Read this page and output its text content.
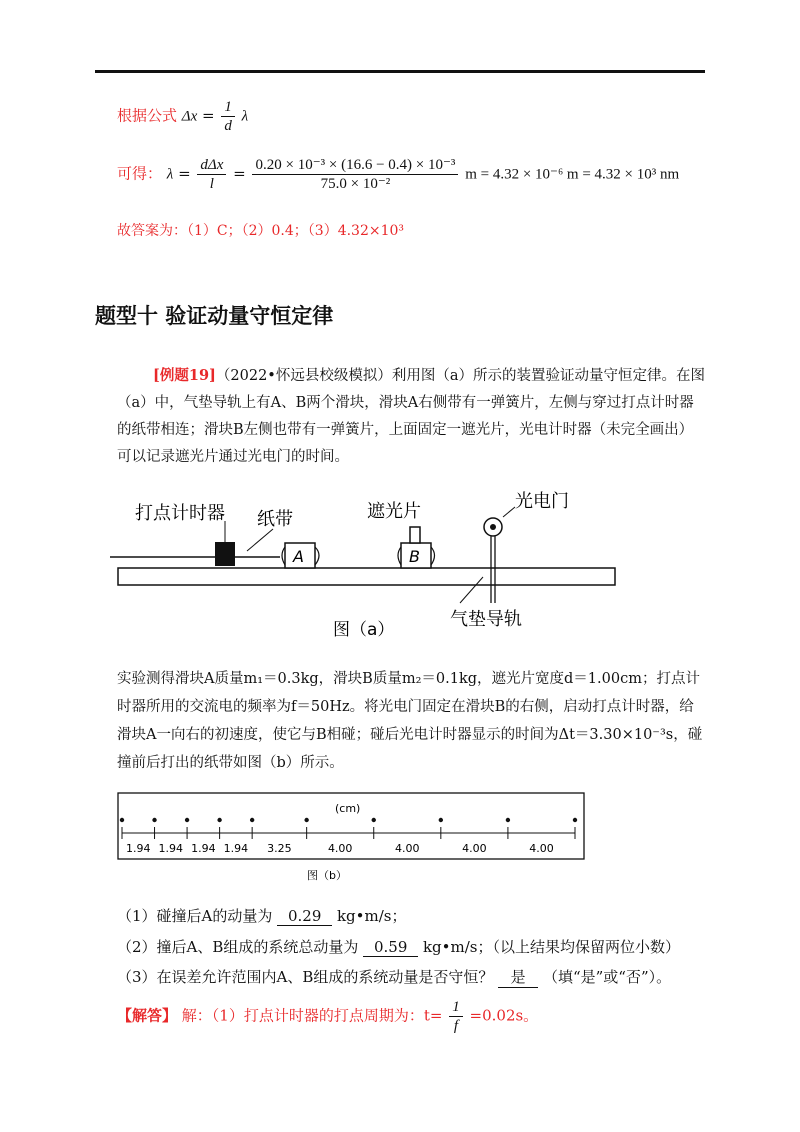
根据公式 $\Delta x = \frac{1}{d}$ λ
可得： $\lambda = \frac{\text{dΔx}}{l} = \frac{\text{0.20 × 10⁻³ × (16.6 − 0.4) × 10⁻³}}{\text{75.0 × 10⁻²}}$ m = 4.32 × 10⁻⁶ m = 4.32 × 10³ nm
故答案为：（1）C；（2）0.4；（3）4.32×10³
题型十 验证动量守恒定律
[例题19]（2022•怀远县校级模拟）利用图（a）所示的装置验证动量守恒定律。在图（a）中，气垫导轨上有A、B两个滑块，滑块A右侧带有一弹簧片，左侧与穿过打点计时器的纸带相连；滑块B左侧也带有一弹簧片，上面固定一遮光片，光电计时器（未完全画出）可以记录遮光片通过光电门的时间。
A	B
打点计时器 纸带	遮光片	光电门
气垫导轨
图（a）
实验测得滑块A质量m₁＝0.3kg，滑块B质量m₂＝0.1kg，遮光片宽度d＝1.00cm；打点计时器所用的交流电的频率为f＝50Hz。将光电门固定在滑块B的右侧，启动打点计时器，给滑块A一向右的初速度，使它与B相碰；碰后光电计时器显示的时间为Δt＝3.30×10⁻³s，碰撞前后打出的纸带如图（b）所示。
(cm)
1.94 1.94 1.94 1.94 3.25	4.00	4.00	4.00	4.00
图（b）
（1）碰撞后A的动量为 0.29 kg•m/s；
（2）撞后A、B组成的系统总动量为 0.59 kg•m/s；（以上结果均保留两位小数）
（3）在误差允许范围内A、B组成的系统动量是否守恒？ 是 （填“是”或“否”）。
【解答】 解：（1）打点计时器的打点周期为：$t= \frac{1}{f} =0.02s$。
